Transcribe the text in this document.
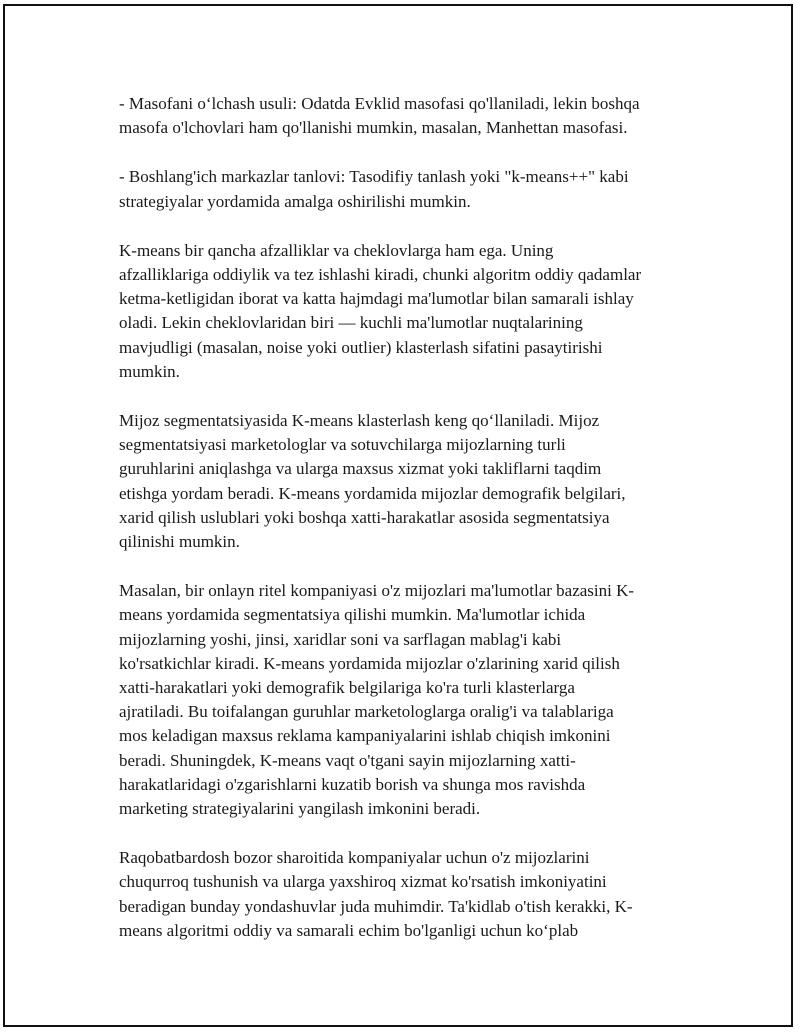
- Masofani o‘lchash usuli: Odatda Evklid masofasi qo'llaniladi, lekin boshqa
masofa o'lchovlari ham qo'llanishi mumkin, masalan, Manhettan masofasi.

- Boshlang'ich markazlar tanlovi: Tasodifiy tanlash yoki "k-means++" kabi
strategiyalar yordamida amalga oshirilishi mumkin.

K-means bir qancha afzalliklar va cheklovlarga ham ega. Uning
afzalliklariga oddiylik va tez ishlashi kiradi, chunki algoritm oddiy qadamlar
ketma-ketligidan iborat va katta hajmdagi ma'lumotlar bilan samarali ishlay
oladi. Lekin cheklovlaridan biri — kuchli ma'lumotlar nuqtalarining
mavjudligi (masalan, noise yoki outlier) klasterlash sifatini pasaytirishi
mumkin.

Mijoz segmentatsiyasida K-means klasterlash keng qo‘llaniladi. Mijoz
segmentatsiyasi marketologlar va sotuvchilarga mijozlarning turli
guruhlarini aniqlashga va ularga maxsus xizmat yoki takliflarni taqdim
etishga yordam beradi. K-means yordamida mijozlar demografik belgilari,
xarid qilish uslublari yoki boshqa xatti-harakatlar asosida segmentatsiya
qilinishi mumkin.

Masalan, bir onlayn ritel kompaniyasi o'z mijozlari ma'lumotlar bazasini K-
means yordamida segmentatsiya qilishi mumkin. Ma'lumotlar ichida
mijozlarning yoshi, jinsi, xaridlar soni va sarflagan mablag'i kabi
ko'rsatkichlar kiradi. K-means yordamida mijozlar o'zlarining xarid qilish
xatti-harakatlari yoki demografik belgilariga ko'ra turli klasterlarga
ajratiladi. Bu toifalangan guruhlar marketologlarga oralig'i va talablariga
mos keladigan maxsus reklama kampaniyalarini ishlab chiqish imkonini
beradi. Shuningdek, K-means vaqt o'tgani sayin mijozlarning xatti-
harakatlaridagi o'zgarishlarni kuzatib borish va shunga mos ravishda
marketing strategiyalarini yangilash imkonini beradi.

Raqobatbardosh bozor sharoitida kompaniyalar uchun o'z mijozlarini
chuqurroq tushunish va ularga yaxshiroq xizmat ko'rsatish imkoniyatini
beradigan bunday yondashuvlar juda muhimdir. Ta'kidlab o'tish kerakki, K-
means algoritmi oddiy va samarali echim bo'lganligi uchun ko‘plab
